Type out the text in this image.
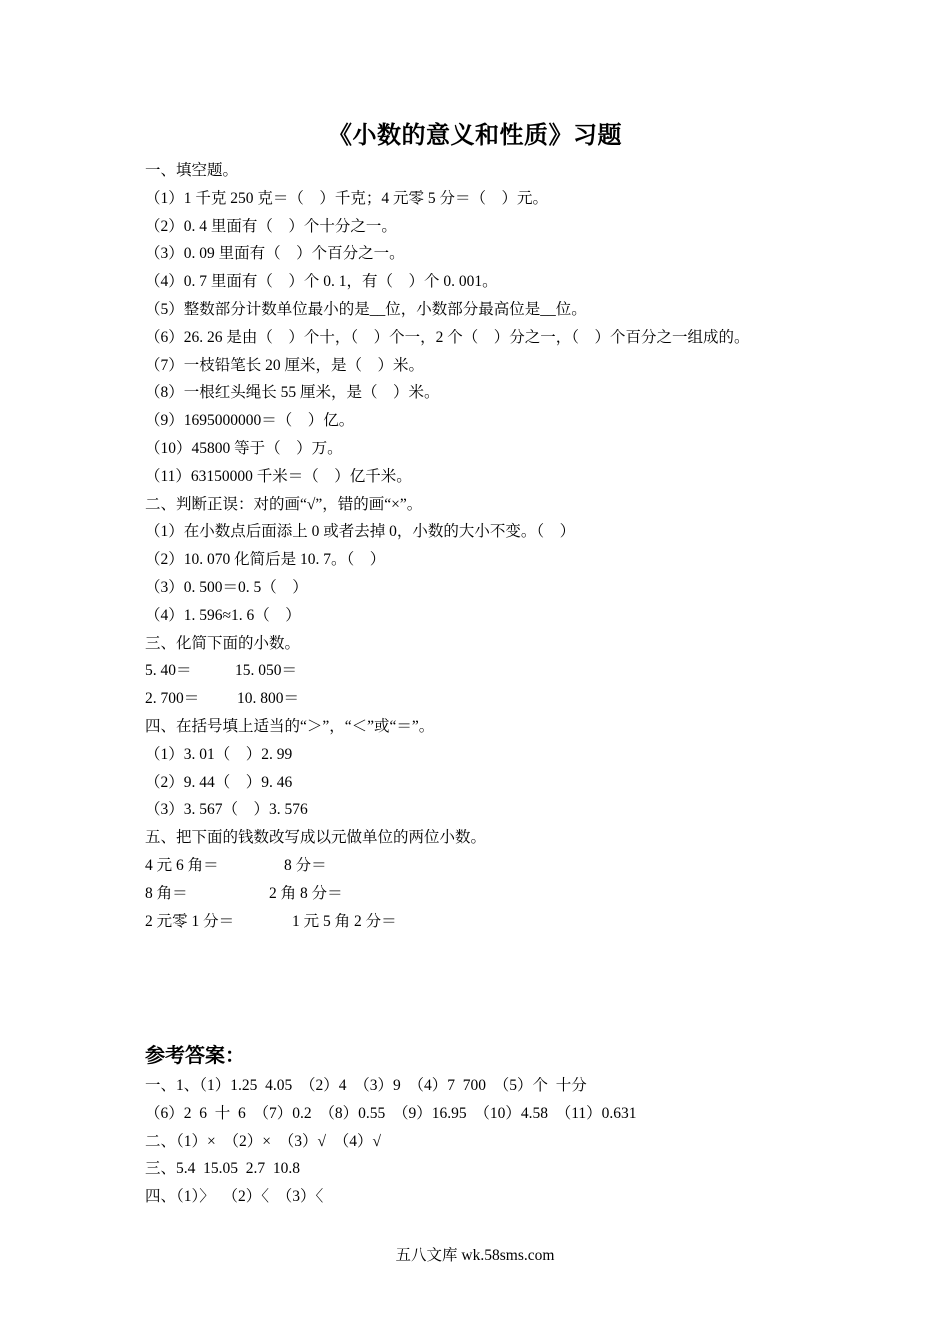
《小数的意义和性质》习题
一、填空题。
（1）1 千克 250 克＝（    ）千克；4 元零 5 分＝（    ）元。
（2）0. 4 里面有（    ）个十分之一。
（3）0. 09 里面有（    ）个百分之一。
（4）0. 7 里面有（    ）个 0. 1，有（    ）个 0. 001。
（5）整数部分计数单位最小的是__位，小数部分最高位是__位。
（6）26. 26 是由（    ）个十，（    ）个一，2 个（    ）分之一，（    ）个百分之一组成的。
（7）一枝铅笔长 20 厘米，是（    ）米。
（8）一根红头绳长 55 厘米，是（    ）米。
（9）1695000000＝（    ）亿。
（10）45800 等于（    ）万。
（11）63150000 千米＝（    ）亿千米。
二、判断正误：对的画“√”，错的画“×”。
（1）在小数点后面添上 0 或者去掉 0，小数的大小不变。（    ）
（2）10. 070 化简后是 10. 7。（    ）
（3）0. 500＝0. 5（    ）
（4）1. 596≈1. 6（    ）
三、化简下面的小数。
5. 40＝	15. 050＝
2. 700＝	10. 800＝
四、在括号填上适当的“＞”，“＜”或“＝”。
（1）3. 01（    ）2. 99
（2）9. 44（    ）9. 46
（3）3. 567（    ）3. 576
五、把下面的钱数改写成以元做单位的两位小数。
4 元 6 角＝	8 分＝
8 角＝	2 角 8 分＝
2 元零 1 分＝	1 元 5 角 2 分＝
参考答案：
一、1、（1）1.25  4.05  （2）4  （3）9  （4）7  700  （5）个  十分
（6）2  6  十  6  （7）0.2  （8）0.55  （9）16.95  （10）4.58  （11）0.631
二、（1）×  （2）×  （3）√  （4）√
三、5.4  15.05  2.7  10.8
四、（1）〉  （2）〈  （3）〈
五八文库 wk.58sms.com
